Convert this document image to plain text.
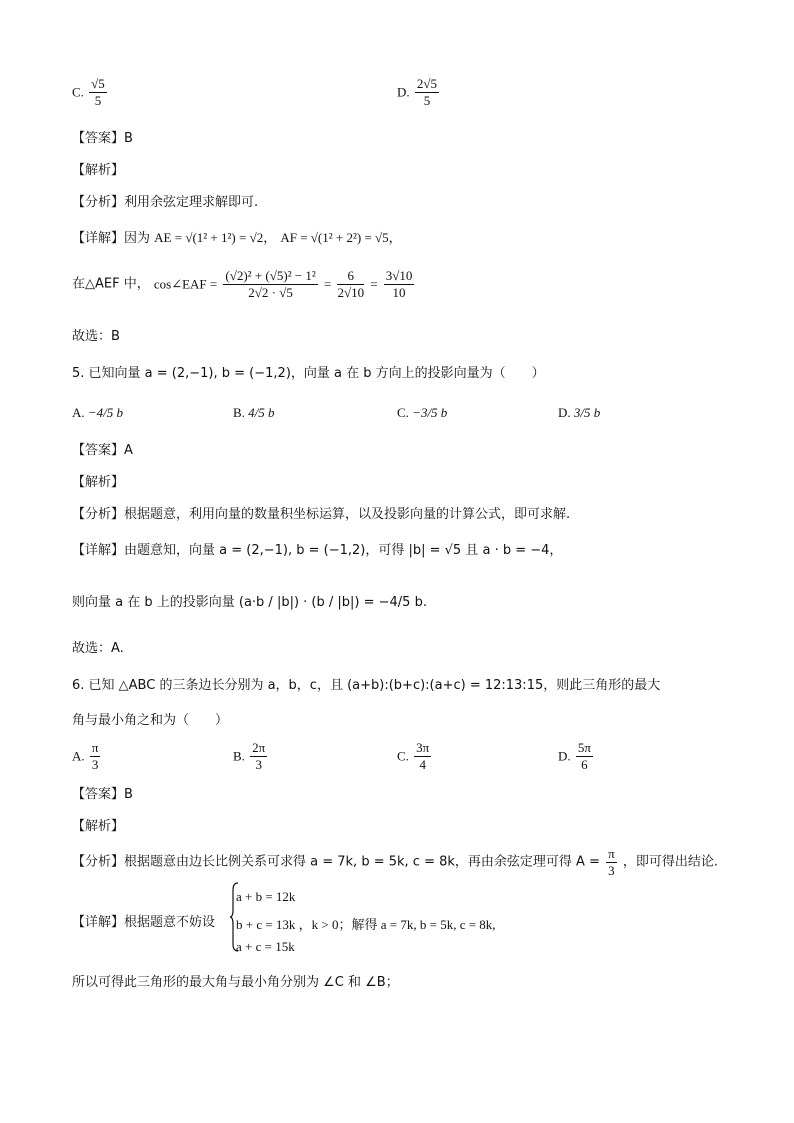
C. $\frac{√5}{5}$	D. $\frac{2√5}{5}$
【答案】B
【解析】
【分析】利用余弦定理求解即可.
【详解】因为 AE = √(1² + 1²) = √2， AF = √(1² + 2²) = √5，
在△AEF 中， cos∠EAF = $\frac{\text{(√2)² + (√5)² − 1²}}{2√2 \cdot √5} = \frac{6}{2√10} = \frac{3√10}{10}$
故选：B
5. 已知向量 a = (2,−1), b = (−1,2)，向量 a 在 b 方向上的投影向量为（　　）
A. −4/5 b	B. 4/5 b	C. −3/5 b	D. 3/5 b
【答案】A
【解析】
【分析】根据题意，利用向量的数量积坐标运算，以及投影向量的计算公式，即可求解.
【详解】由题意知，向量 a = (2,−1), b = (−1,2)，可得 |b| = √5 且 a · b = −4，
则向量 a 在 b 上的投影向量 (a·b / |b|) · (b / |b|) = −4/5 b.
故选：A.
6. 已知 △ABC 的三条边长分别为 a，b，c，且 (a+b):(b+c):(a+c) = 12:13:15，则此三角形的最大
角与最小角之和为（　　）
A. $\frac{\pi}{3}$	B. $\frac{2\pi}{3}$	C. $\frac{3\pi}{4}$	D. $\frac{5\pi}{6}$
【答案】B
【解析】
【分析】根据题意由边长比例关系可求得 a = 7k, b = 5k, c = 8k，再由余弦定理可得 $A = \frac{\pi}{3}$ ，即可得出结论.
【详解】根据题意不妨设
a + b = 12k
b + c = 13k ，k > 0；解得 a = 7k, b = 5k, c = 8k,
a + c = 15k
所以可得此三角形的最大角与最小角分别为 ∠C 和 ∠B；
